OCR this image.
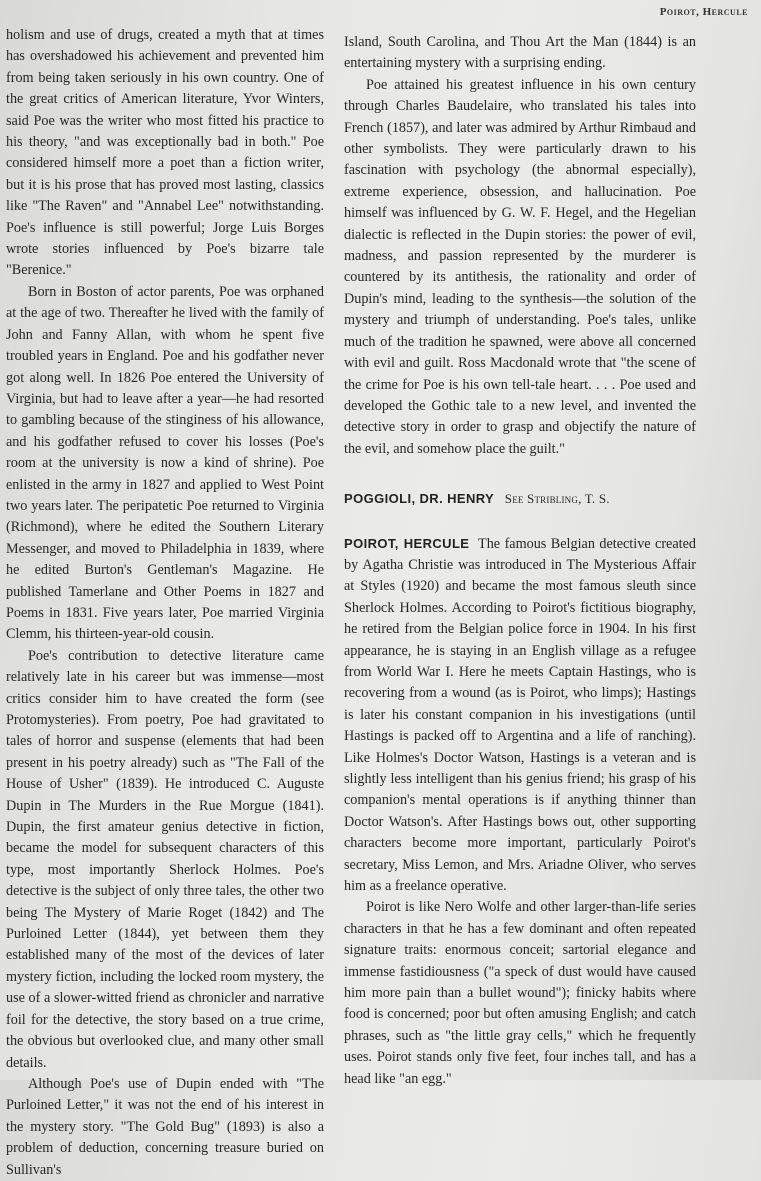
Poirot, Hercule

holism and use of drugs, created a myth that at times has overshadowed his achievement and prevented him from being taken seriously in his own country. One of the great critics of American literature, Yvor Winters, said Poe was the writer who most fitted his practice to his theory, "and was exceptionally bad in both." Poe considered himself more a poet than a fiction writer, but it is his prose that has proved most lasting, classics like "The Raven" and "Annabel Lee" notwithstanding. Poe's influence is still powerful; Jorge Luis Borges wrote stories influenced by Poe's bizarre tale "Berenice."

Born in Boston of actor parents, Poe was orphaned at the age of two. Thereafter he lived with the family of John and Fanny Allan, with whom he spent five troubled years in England. Poe and his godfather never got along well. In 1826 Poe entered the University of Virginia, but had to leave after a year—he had resorted to gambling because of the stinginess of his allowance, and his godfather refused to cover his losses (Poe's room at the university is now a kind of shrine). Poe enlisted in the army in 1827 and applied to West Point two years later. The peripatetic Poe returned to Virginia (Richmond), where he edited the Southern Literary Messenger, and moved to Philadelphia in 1839, where he edited Burton's Gentleman's Magazine. He published Tamerlane and Other Poems in 1827 and Poems in 1831. Five years later, Poe married Virginia Clemm, his thirteen-year-old cousin.

Poe's contribution to detective literature came relatively late in his career but was immense—most critics consider him to have created the form (see Protomysteries). From poetry, Poe had gravitated to tales of horror and suspense (elements that had been present in his poetry already) such as "The Fall of the House of Usher" (1839). He introduced C. Auguste Dupin in The Murders in the Rue Morgue (1841). Dupin, the first amateur genius detective in fiction, became the model for subsequent characters of this type, most importantly Sherlock Holmes. Poe's detective is the subject of only three tales, the other two being The Mystery of Marie Roget (1842) and The Purloined Letter (1844), yet between them they established many of the most of the devices of later mystery fiction, including the locked room mystery, the use of a slower-witted friend as chronicler and narrative foil for the detective, the story based on a true crime, the obvious but overlooked clue, and many other small details.

Although Poe's use of Dupin ended with "The Purloined Letter," it was not the end of his interest in the mystery story. "The Gold Bug" (1893) is also a problem of deduction, concerning treasure buried on Sullivan's

Island, South Carolina, and Thou Art the Man (1844) is an entertaining mystery with a surprising ending.

Poe attained his greatest influence in his own century through Charles Baudelaire, who translated his tales into French (1857), and later was admired by Arthur Rimbaud and other symbolists. They were particularly drawn to his fascination with psychology (the abnormal especially), extreme experience, obsession, and hallucination. Poe himself was influenced by G. W. F. Hegel, and the Hegelian dialectic is reflected in the Dupin stories: the power of evil, madness, and passion represented by the murderer is countered by its antithesis, the rationality and order of Dupin's mind, leading to the synthesis—the solution of the mystery and triumph of understanding. Poe's tales, unlike much of the tradition he spawned, were above all concerned with evil and guilt. Ross Macdonald wrote that "the scene of the crime for Poe is his own tell-tale heart. . . . Poe used and developed the Gothic tale to a new level, and invented the detective story in order to grasp and objectify the nature of the evil, and somehow place the guilt."

POGGIOLI, DR. HENRY See Stribling, T. S.

POIROT, HERCULE The famous Belgian detective created by Agatha Christie was introduced in The Mysterious Affair at Styles (1920) and became the most famous sleuth since Sherlock Holmes. According to Poirot's fictitious biography, he retired from the Belgian police force in 1904. In his first appearance, he is staying in an English village as a refugee from World War I. Here he meets Captain Hastings, who is recovering from a wound (as is Poirot, who limps); Hastings is later his constant companion in his investigations (until Hastings is packed off to Argentina and a life of ranching). Like Holmes's Doctor Watson, Hastings is a veteran and is slightly less intelligent than his genius friend; his grasp of his companion's mental operations is if anything thinner than Doctor Watson's. After Hastings bows out, other supporting characters become more important, particularly Poirot's secretary, Miss Lemon, and Mrs. Ariadne Oliver, who serves him as a freelance operative.

Poirot is like Nero Wolfe and other larger-than-life series characters in that he has a few dominant and often repeated signature traits: enormous conceit; sartorial elegance and immense fastidiousness ("a speck of dust would have caused him more pain than a bullet wound"); finicky habits where food is concerned; poor but often amusing English; and catch phrases, such as "the little gray cells," which he frequently uses. Poirot stands only five feet, four inches tall, and has a head like "an egg."
